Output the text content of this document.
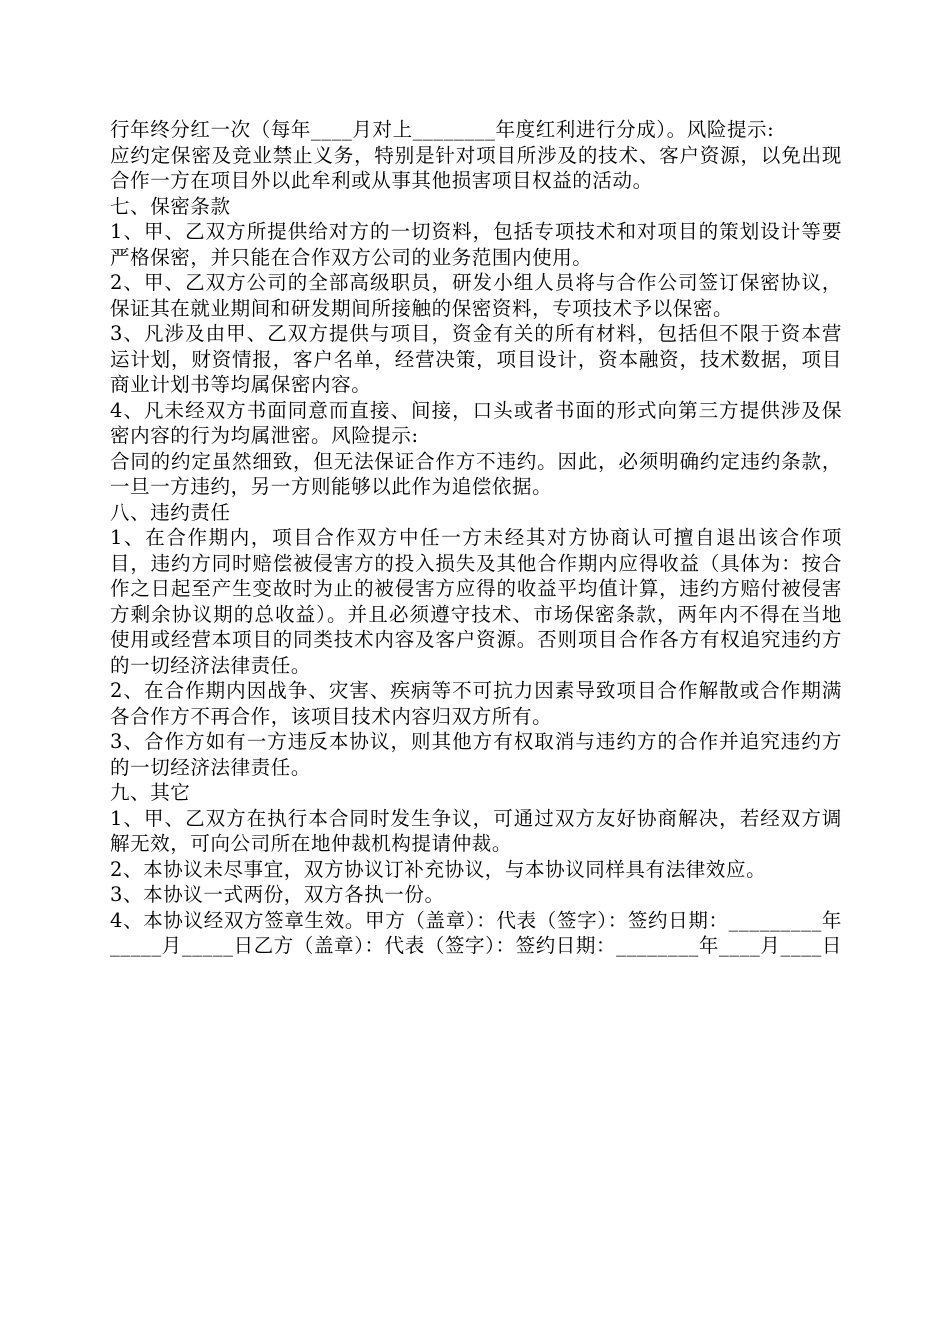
行年终分红一次（每年____月对上________年度红利进行分成）。风险提示:

应约定保密及竞业禁止义务，特别是针对项目所涉及的技术、客户资源，以免出现合作一方在项目外以此牟利或从事其他损害项目权益的活动。

七、保密条款

1、甲、乙双方所提供给对方的一切资料，包括专项技术和对项目的策划设计等要严格保密，并只能在合作双方公司的业务范围内使用。

2、甲、乙双方公司的全部高级职员，研发小组人员将与合作公司签订保密协议，保证其在就业期间和研发期间所接触的保密资料，专项技术予以保密。

3、凡涉及由甲、乙双方提供与项目，资金有关的所有材料，包括但不限于资本营运计划，财资情报，客户名单，经营决策，项目设计，资本融资，技术数据，项目商业计划书等均属保密内容。

4、凡未经双方书面同意而直接、间接，口头或者书面的形式向第三方提供涉及保密内容的行为均属泄密。风险提示:

合同的约定虽然细致，但无法保证合作方不违约。因此，必须明确约定违约条款，一旦一方违约，另一方则能够以此作为追偿依据。

八、违约责任

1、在合作期内，项目合作双方中任一方未经其对方协商认可擅自退出该合作项目，违约方同时赔偿被侵害方的投入损失及其他合作期内应得收益（具体为：按合作之日起至产生变故时为止的被侵害方应得的收益平均值计算，违约方赔付被侵害方剩余协议期的总收益）。并且必须遵守技术、市场保密条款，两年内不得在当地使用或经营本项目的同类技术内容及客户资源。否则项目合作各方有权追究违约方的一切经济法律责任。

2、在合作期内因战争、灾害、疾病等不可抗力因素导致项目合作解散或合作期满各合作方不再合作，该项目技术内容归双方所有。

3、合作方如有一方违反本协议，则其他方有权取消与违约方的合作并追究违约方的一切经济法律责任。

九、其它

1、甲、乙双方在执行本合同时发生争议，可通过双方友好协商解决，若经双方调解无效，可向公司所在地仲裁机构提请仲裁。

2、本协议未尽事宜，双方协议订补充协议，与本协议同样具有法律效应。

3、本协议一式两份，双方各执一份。

4、本协议经双方签章生效。甲方（盖章）：代表（签字）：签约日期：_________年_____月_____日乙方（盖章）：代表（签字）：签约日期：________年____月____日
